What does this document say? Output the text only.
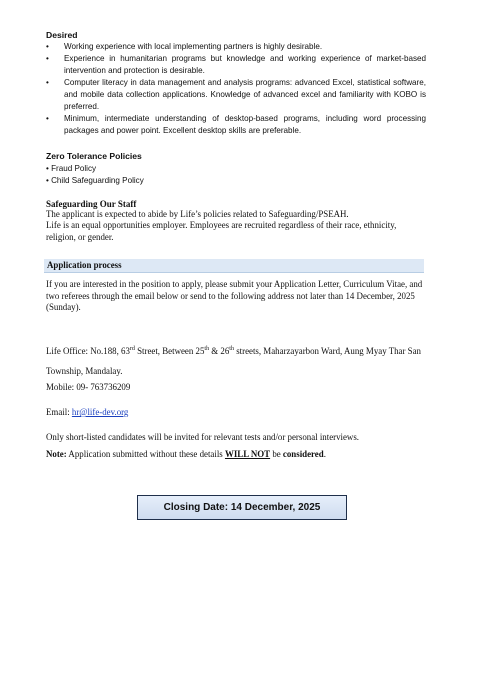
Desired
• Working experience with local implementing partners is highly desirable.
• Experience in humanitarian programs but knowledge and working experience of market-based intervention and protection is desirable.
• Computer literacy in data management and analysis programs: advanced Excel, statistical software, and mobile data collection applications. Knowledge of advanced excel and familiarity with KOBO is preferred.
• Minimum, intermediate understanding of desktop-based programs, including word processing packages and power point. Excellent desktop skills are preferable.
Zero Tolerance Policies
• Fraud Policy
• Child Safeguarding Policy
Safeguarding Our Staff
The applicant is expected to abide by Life’s policies related to Safeguarding/PSEAH.
Life is an equal opportunities employer. Employees are recruited regardless of their race, ethnicity, religion, or gender.
Application process
If you are interested in the position to apply, please submit your Application Letter, Curriculum Vitae, and two referees through the email below or send to the following address not later than 14 December, 2025 (Sunday).
Life Office: No.188, 63rd Street, Between 25th & 26th streets, Maharzayarbon Ward, Aung Myay Thar San Township, Mandalay.
Mobile: 09- 763736209
Email: hr@life-dev.org
Only short-listed candidates will be invited for relevant tests and/or personal interviews.
Note: Application submitted without these details WILL NOT be considered.
Closing Date: 14 December, 2025
